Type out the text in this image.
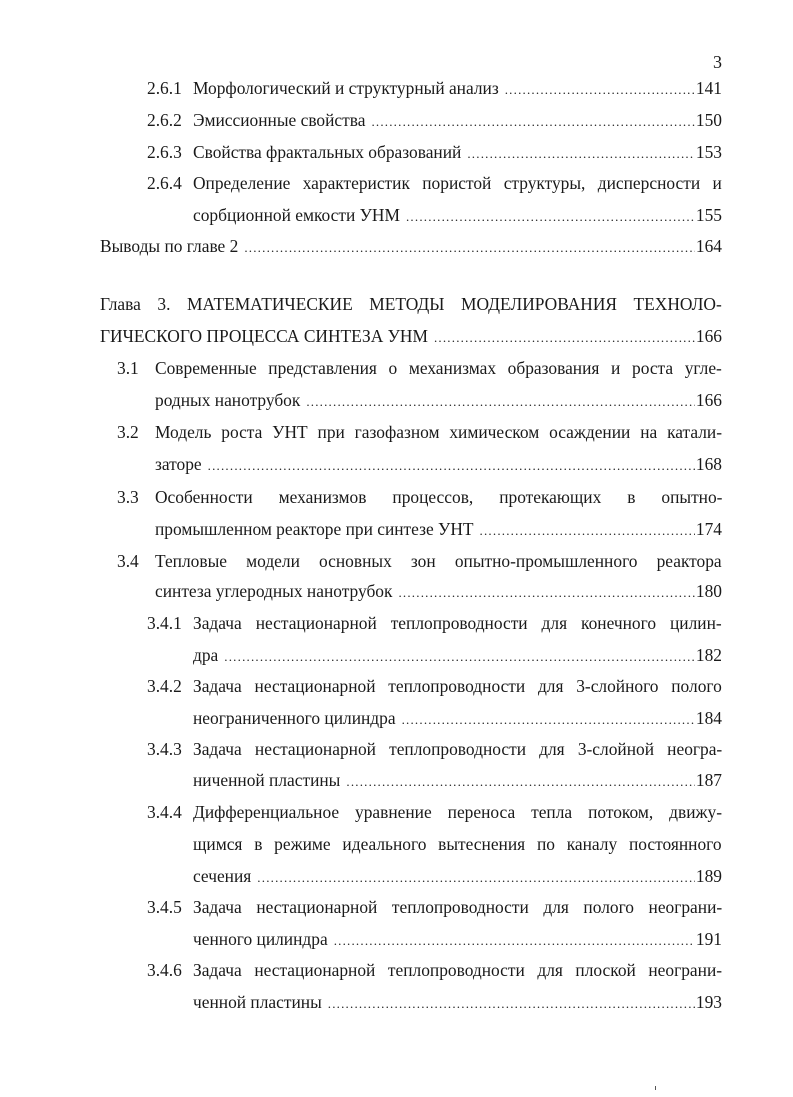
3
2.6.1 Морфологический и структурный анализ .....	141
2.6.2 Эмиссионные свойства .....	150
2.6.3 Свойства фрактальных образований .....	153
2.6.4 Определение характеристик пористой структуры, дисперсности и
сорбционной емкости УНМ .....	155
Выводы по главе 2 .....	164
Глава 3. МАТЕМАТИЧЕСКИЕ МЕТОДЫ МОДЕЛИРОВАНИЯ ТЕХНОЛО-
ГИЧЕСКОГО ПРОЦЕССА СИНТЕЗА УНМ .....	166
3.1 Современные представления о механизмах образования и роста угле-
родных нанотрубок .....	166
3.2 Модель роста УНТ при газофазном химическом осаждении на катали-
заторе .....	168
3.3 Особенности механизмов процессов, протекающих в опытно-
промышленном реакторе при синтезе УНТ .....	174
3.4 Тепловые модели основных зон опытно-промышленного реактора
синтеза углеродных нанотрубок .....	180
3.4.1 Задача нестационарной теплопроводности для конечного цилин-
дра .....	182
3.4.2 Задача нестационарной теплопроводности для 3-слойного полого
неограниченного цилиндра .....	184
3.4.3 Задача нестационарной теплопроводности для 3-слойной неогра-
ниченной пластины .....	187
3.4.4 Дифференциальное уравнение переноса тепла потоком, движу-
щимся в режиме идеального вытеснения по каналу постоянного
сечения .....	189
3.4.5 Задача нестационарной теплопроводности для полого неограни-
ченного цилиндра .....	191
3.4.6 Задача нестационарной теплопроводности для плоской неограни-
ченной пластины .....	193
